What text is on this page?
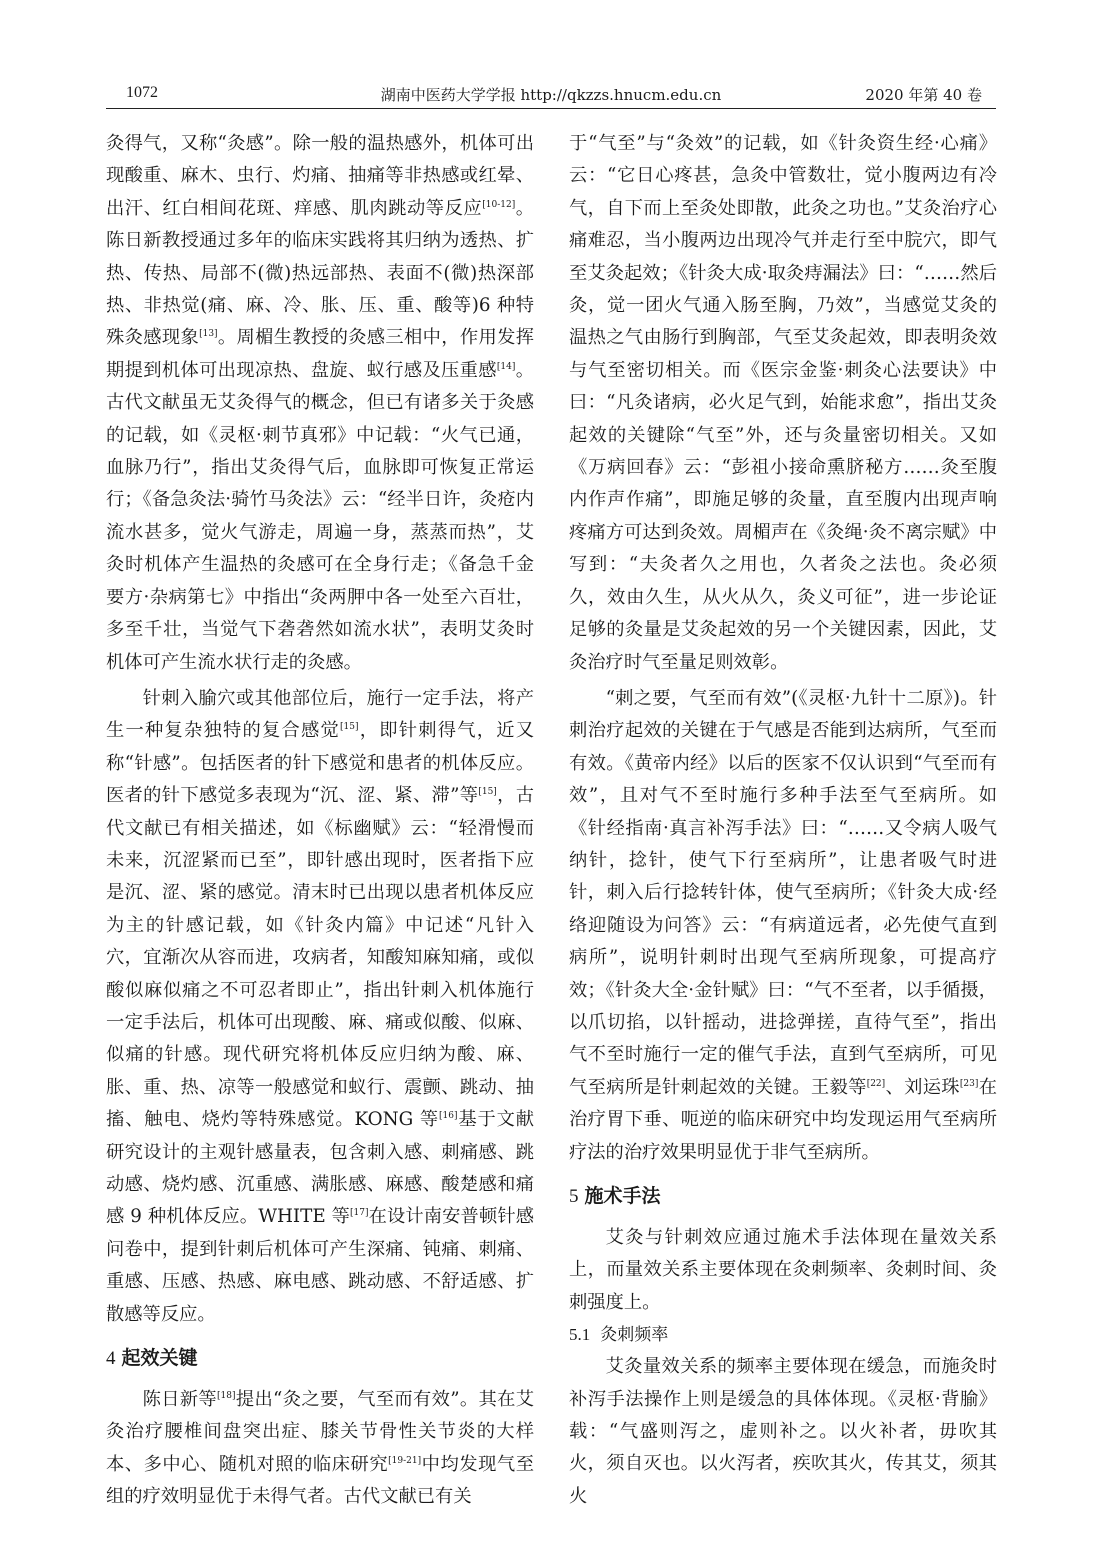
1072	湖南中医药大学学报 http://qkzzs.hnucm.edu.cn	2020 年第 40 卷

灸得气，又称“灸感”。除一般的温热感外，机体可出现酸重、麻木、虫行、灼痛、抽痛等非热感或红晕、出汗、红白相间花斑、痒感、肌肉跳动等反应[10-12]。陈日新教授通过多年的临床实践将其归纳为透热、扩热、传热、局部不(微)热远部热、表面不(微)热深部热、非热觉(痛、麻、冷、胀、压、重、酸等)6 种特殊灸感现象[13]。周楣生教授的灸感三相中，作用发挥期提到机体可出现凉热、盘旋、蚁行感及压重感[14]。古代文献虽无艾灸得气的概念，但已有诸多关于灸感的记载，如《灵枢·刺节真邪》中记载：“火气已通，血脉乃行”，指出艾灸得气后，血脉即可恢复正常运行；《备急灸法·骑竹马灸法》云：“经半日许，灸疮内流水甚多，觉火气游走，周遍一身，蒸蒸而热”，艾灸时机体产生温热的灸感可在全身行走；《备急千金要方·杂病第七》中指出“灸两胛中各一处至六百壮，多至千壮，当觉气下砻砻然如流水状”，表明艾灸时机体可产生流水状行走的灸感。

针刺入腧穴或其他部位后，施行一定手法，将产生一种复杂独特的复合感觉[15]，即针刺得气，近又称“针感”。包括医者的针下感觉和患者的机体反应。医者的针下感觉多表现为“沉、涩、紧、滞”等[15]，古代文献已有相关描述，如《标幽赋》云：“轻滑慢而未来，沉涩紧而已至”，即针感出现时，医者指下应是沉、涩、紧的感觉。清末时已出现以患者机体反应为主的针感记载，如《针灸内篇》中记述“凡针入穴，宜渐次从容而进，攻病者，知酸知麻知痛，或似酸似麻似痛之不可忍者即止”，指出针刺入机体施行一定手法后，机体可出现酸、麻、痛或似酸、似麻、似痛的针感。现代研究将机体反应归纳为酸、麻、胀、重、热、凉等一般感觉和蚁行、震颤、跳动、抽搐、触电、烧灼等特殊感觉。KONG 等[16]基于文献研究设计的主观针感量表，包含刺入感、刺痛感、跳动感、烧灼感、沉重感、满胀感、麻感、酸楚感和痛感 9 种机体反应。WHITE 等[17]在设计南安普顿针感问卷中，提到针刺后机体可产生深痛、钝痛、刺痛、重感、压感、热感、麻电感、跳动感、不舒适感、扩散感等反应。

4 起效关键

陈日新等[18]提出“灸之要，气至而有效”。其在艾灸治疗腰椎间盘突出症、膝关节骨性关节炎的大样本、多中心、随机对照的临床研究[19-21]中均发现气至组的疗效明显优于未得气者。古代文献已有关

于“气至”与“灸效”的记载，如《针灸资生经·心痛》云：“它日心疼甚，急灸中管数壮，觉小腹两边有冷气，自下而上至灸处即散，此灸之功也。”艾灸治疗心痛难忍，当小腹两边出现冷气并走行至中脘穴，即气至艾灸起效；《针灸大成·取灸痔漏法》曰：“……然后灸，觉一团火气通入肠至胸，乃效”，当感觉艾灸的温热之气由肠行到胸部，气至艾灸起效，即表明灸效与气至密切相关。而《医宗金鉴·刺灸心法要诀》中曰：“凡灸诸病，必火足气到，始能求愈”，指出艾灸起效的关键除“气至”外，还与灸量密切相关。又如《万病回春》云：“彭祖小接命熏脐秘方……灸至腹内作声作痛”，即施足够的灸量，直至腹内出现声响疼痛方可达到灸效。周楣声在《灸绳·灸不离宗赋》中写到：“夫灸者久之用也，久者灸之法也。灸必须久，效由久生，从火从久，灸义可征”，进一步论证足够的灸量是艾灸起效的另一个关键因素，因此，艾灸治疗时气至量足则效彰。

“刺之要，气至而有效”(《灵枢·九针十二原》)。针刺治疗起效的关键在于气感是否能到达病所，气至而有效。《黄帝内经》以后的医家不仅认识到“气至而有效”，且对气不至时施行多种手法至气至病所。如《针经指南·真言补泻手法》曰：“……又令病人吸气纳针，捻针，使气下行至病所”，让患者吸气时进针，刺入后行捻转针体，使气至病所；《针灸大成·经络迎随设为问答》云：“有病道远者，必先使气直到病所”，说明针刺时出现气至病所现象，可提高疗效；《针灸大全·金针赋》曰：“气不至者，以手循摄，以爪切掐，以针摇动，进捻弹搓，直待气至”，指出气不至时施行一定的催气手法，直到气至病所，可见气至病所是针刺起效的关键。王毅等[22]、刘运珠[23]在治疗胃下垂、呃逆的临床研究中均发现运用气至病所疗法的治疗效果明显优于非气至病所。

5 施术手法

艾灸与针刺效应通过施术手法体现在量效关系上，而量效关系主要体现在灸刺频率、灸刺时间、灸刺强度上。

5.1 灸刺频率

艾灸量效关系的频率主要体现在缓急，而施灸时补泻手法操作上则是缓急的具体体现。《灵枢·背腧》载：“气盛则泻之，虚则补之。以火补者，毋吹其火，须自灭也。以火泻者，疾吹其火，传其艾，须其火
